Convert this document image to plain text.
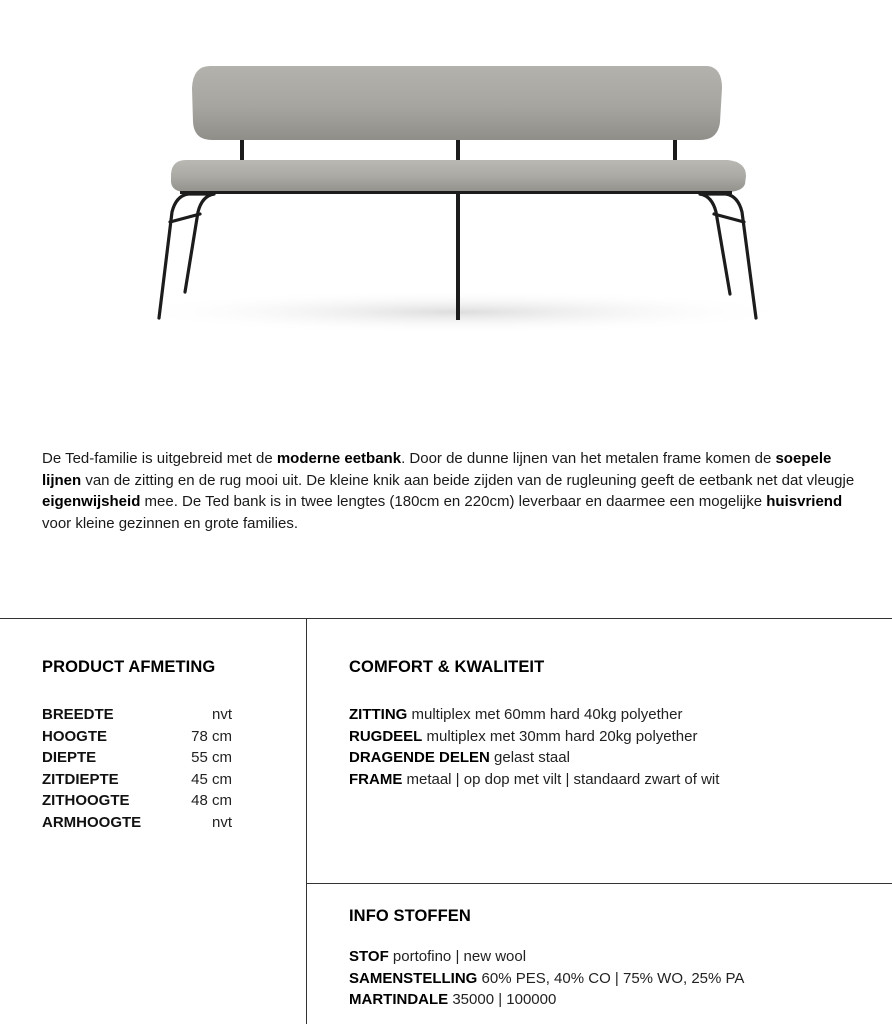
De Ted-familie is uitgebreid met de moderne eetbank. Door de dunne lijnen van het metalen frame komen de soepele lijnen van de zitting en de rug mooi uit. De kleine knik aan beide zijden van de rugleuning geeft de eetbank net dat vleugje eigenwijsheid mee. De Ted bank is in twee lengtes (180cm en 220cm) leverbaar en daarmee een mogelijke huisvriend voor kleine gezinnen en grote families.
PRODUCT AFMETING
BREEDTE	nvt
HOOGTE	78 cm
DIEPTE	55 cm
ZITDIEPTE	45 cm
ZITHOOGTE	48 cm
ARMHOOGTE	nvt
COMFORT & KWALITEIT
ZITTING multiplex met 60mm hard 40kg polyether
RUGDEEL multiplex met 30mm hard 20kg polyether
DRAGENDE DELEN gelast staal
FRAME metaal | op dop met vilt | standaard zwart of wit
INFO STOFFEN
STOF portofino | new wool
SAMENSTELLING 60% PES, 40% CO | 75% WO, 25% PA
MARTINDALE 35000 | 100000
